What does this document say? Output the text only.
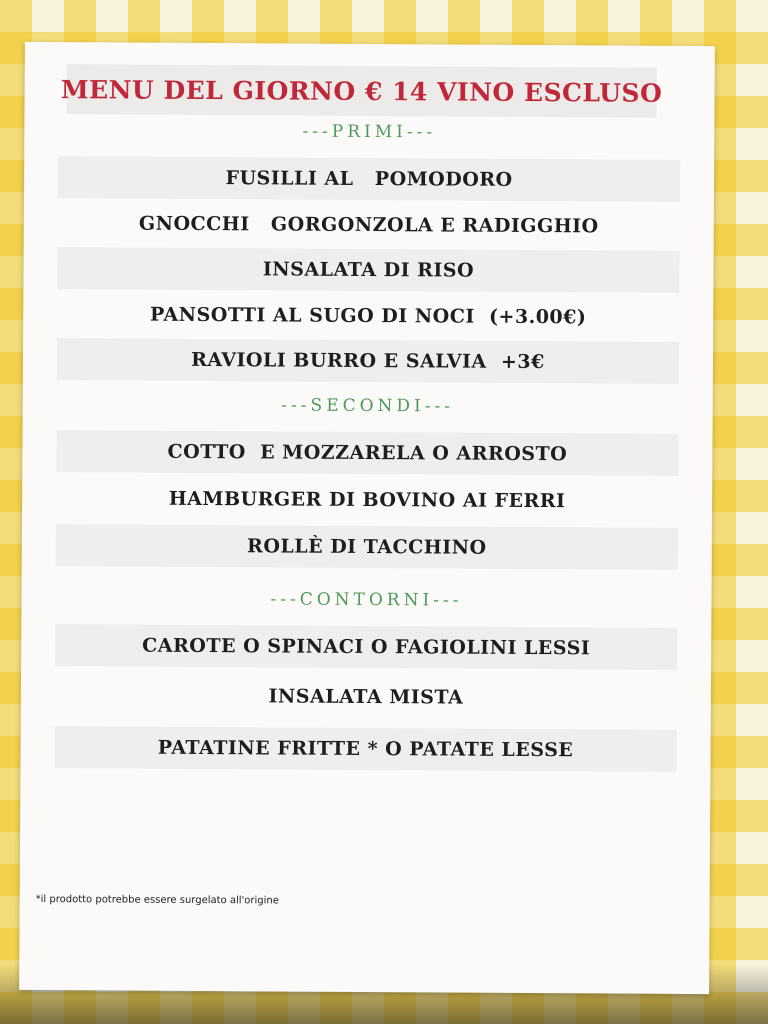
MENU DEL GIORNO € 14 VINO ESCLUSO
---PRIMI---
FUSILLI AL   POMODORO
GNOCCHI   GORGONZOLA E RADIGGHIO
INSALATA DI RISO
PANSOTTI AL SUGO DI NOCI  (+3.00€)
RAVIOLI BURRO E SALVIA  +3€
---SECONDI---
COTTO  E MOZZARELA O ARROSTO
HAMBURGER DI BOVINO AI FERRI
ROLLÈ DI TACCHINO
---CONTORNI---
CAROTE O SPINACI O FAGIOLINI LESSI
INSALATA MISTA
PATATINE FRITTE * O PATATE LESSE
*il prodotto potrebbe essere surgelato all'origine
